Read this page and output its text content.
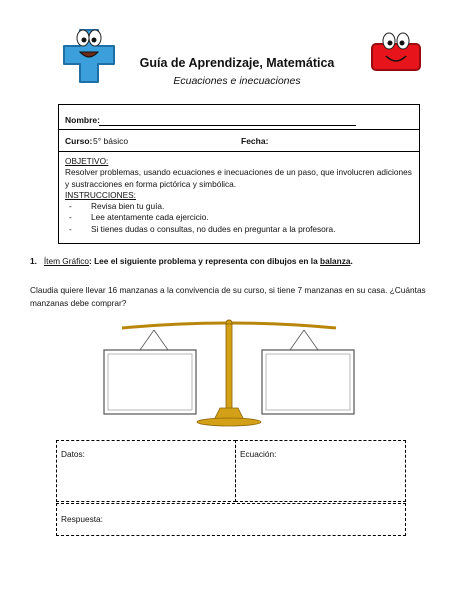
Guía de Aprendizaje, Matemática
Ecuaciones e inecuaciones
Nombre:
Curso: 5° básico	Fecha:
OBJETIVO:
Resolver problemas, usando ecuaciones e inecuaciones de un paso, que involucren adiciones y sustracciones en forma pictórica y simbólica.
INSTRUCCIONES:
- Revisa bien tu guía.
- Lee atentamente cada ejercicio.
- Si tienes dudas o consultas, no dudes en preguntar a la profesora.
1. Ítem Gráfico: Lee el siguiente problema y representa con dibujos en la balanza.
Claudia quiere llevar 16 manzanas a la convivencia de su curso, si tiene 7 manzanas en su casa. ¿Cuántas manzanas debe comprar?
Datos:	Ecuación:
Respuesta:
